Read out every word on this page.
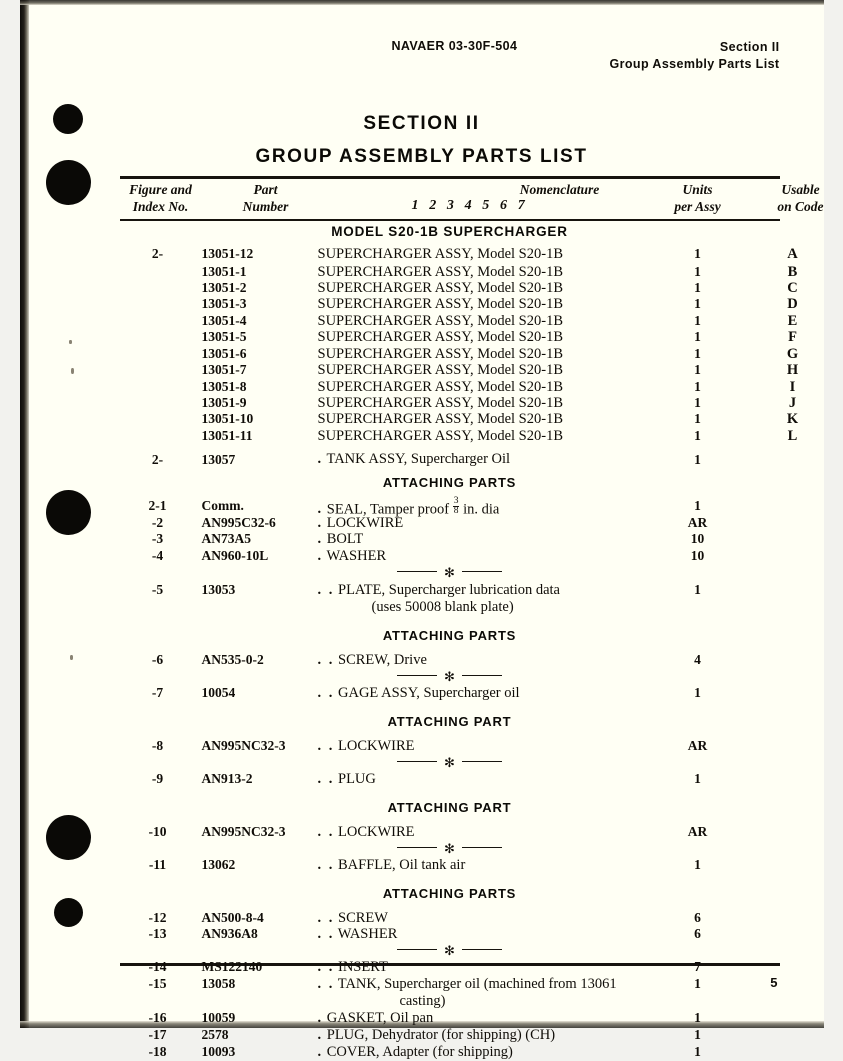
NAVAER 03-30F-504	Section II
Group Assembly Parts List
SECTION II
GROUP ASSEMBLY PARTS LIST
Figure and
Index No.
Part
Number
Nomenclature
1 2 3 4 5 6 7
Units
per Assy
Usable
on Code
MODEL S20-1B SUPERCHARGER
2-	13051-12	SUPERCHARGER ASSY, Model S20-1B	1	A
13051-1	SUPERCHARGER ASSY, Model S20-1B	1	B
13051-2	SUPERCHARGER ASSY, Model S20-1B	1	C
13051-3	SUPERCHARGER ASSY, Model S20-1B	1	D
13051-4	SUPERCHARGER ASSY, Model S20-1B	1	E
13051-5	SUPERCHARGER ASSY, Model S20-1B	1	F
13051-6	SUPERCHARGER ASSY, Model S20-1B	1	G
13051-7	SUPERCHARGER ASSY, Model S20-1B	1	H
13051-8	SUPERCHARGER ASSY, Model S20-1B	1	I
13051-9	SUPERCHARGER ASSY, Model S20-1B	1	J
13051-10	SUPERCHARGER ASSY, Model S20-1B	1	K
13051-11	SUPERCHARGER ASSY, Model S20-1B	1	L
2-	13057	. TANK ASSY, Supercharger Oil	1
ATTACHING PARTS
2-1	Comm.	. SEAL, Tamper proof $\frac{3}{8}$ in. dia	1
-2	AN995C32-6	. LOCKWIRE	AR
-3	AN73A5	. BOLT	10
-4	AN960-10L	. WASHER	10
✻
-5	13053	. . PLATE, Supercharger lubrication data	1
(uses 50008 blank plate)
ATTACHING PARTS
-6	AN535-0-2	. . SCREW, Drive	4
✻
-7	10054	. . GAGE ASSY, Supercharger oil	1
ATTACHING PART
-8	AN995NC32-3	. . LOCKWIRE	AR
✻
-9	AN913-2	. . PLUG	1
ATTACHING PART
-10	AN995NC32-3	. . LOCKWIRE	AR
✻
-11	13062	. . BAFFLE, Oil tank air	1
ATTACHING PARTS
-12	AN500-8-4	. . SCREW	6
-13	AN936A8	. . WASHER	6
✻
-14	MS122140	. . INSERT	7
-15	13058	. . TANK, Supercharger oil (machined from 13061	1
casting)
-16	10059	. GASKET, Oil pan	1
-17	2578	. PLUG, Dehydrator (for shipping) (CH)	1
-18	10093	. COVER, Adapter (for shipping)	1
5
